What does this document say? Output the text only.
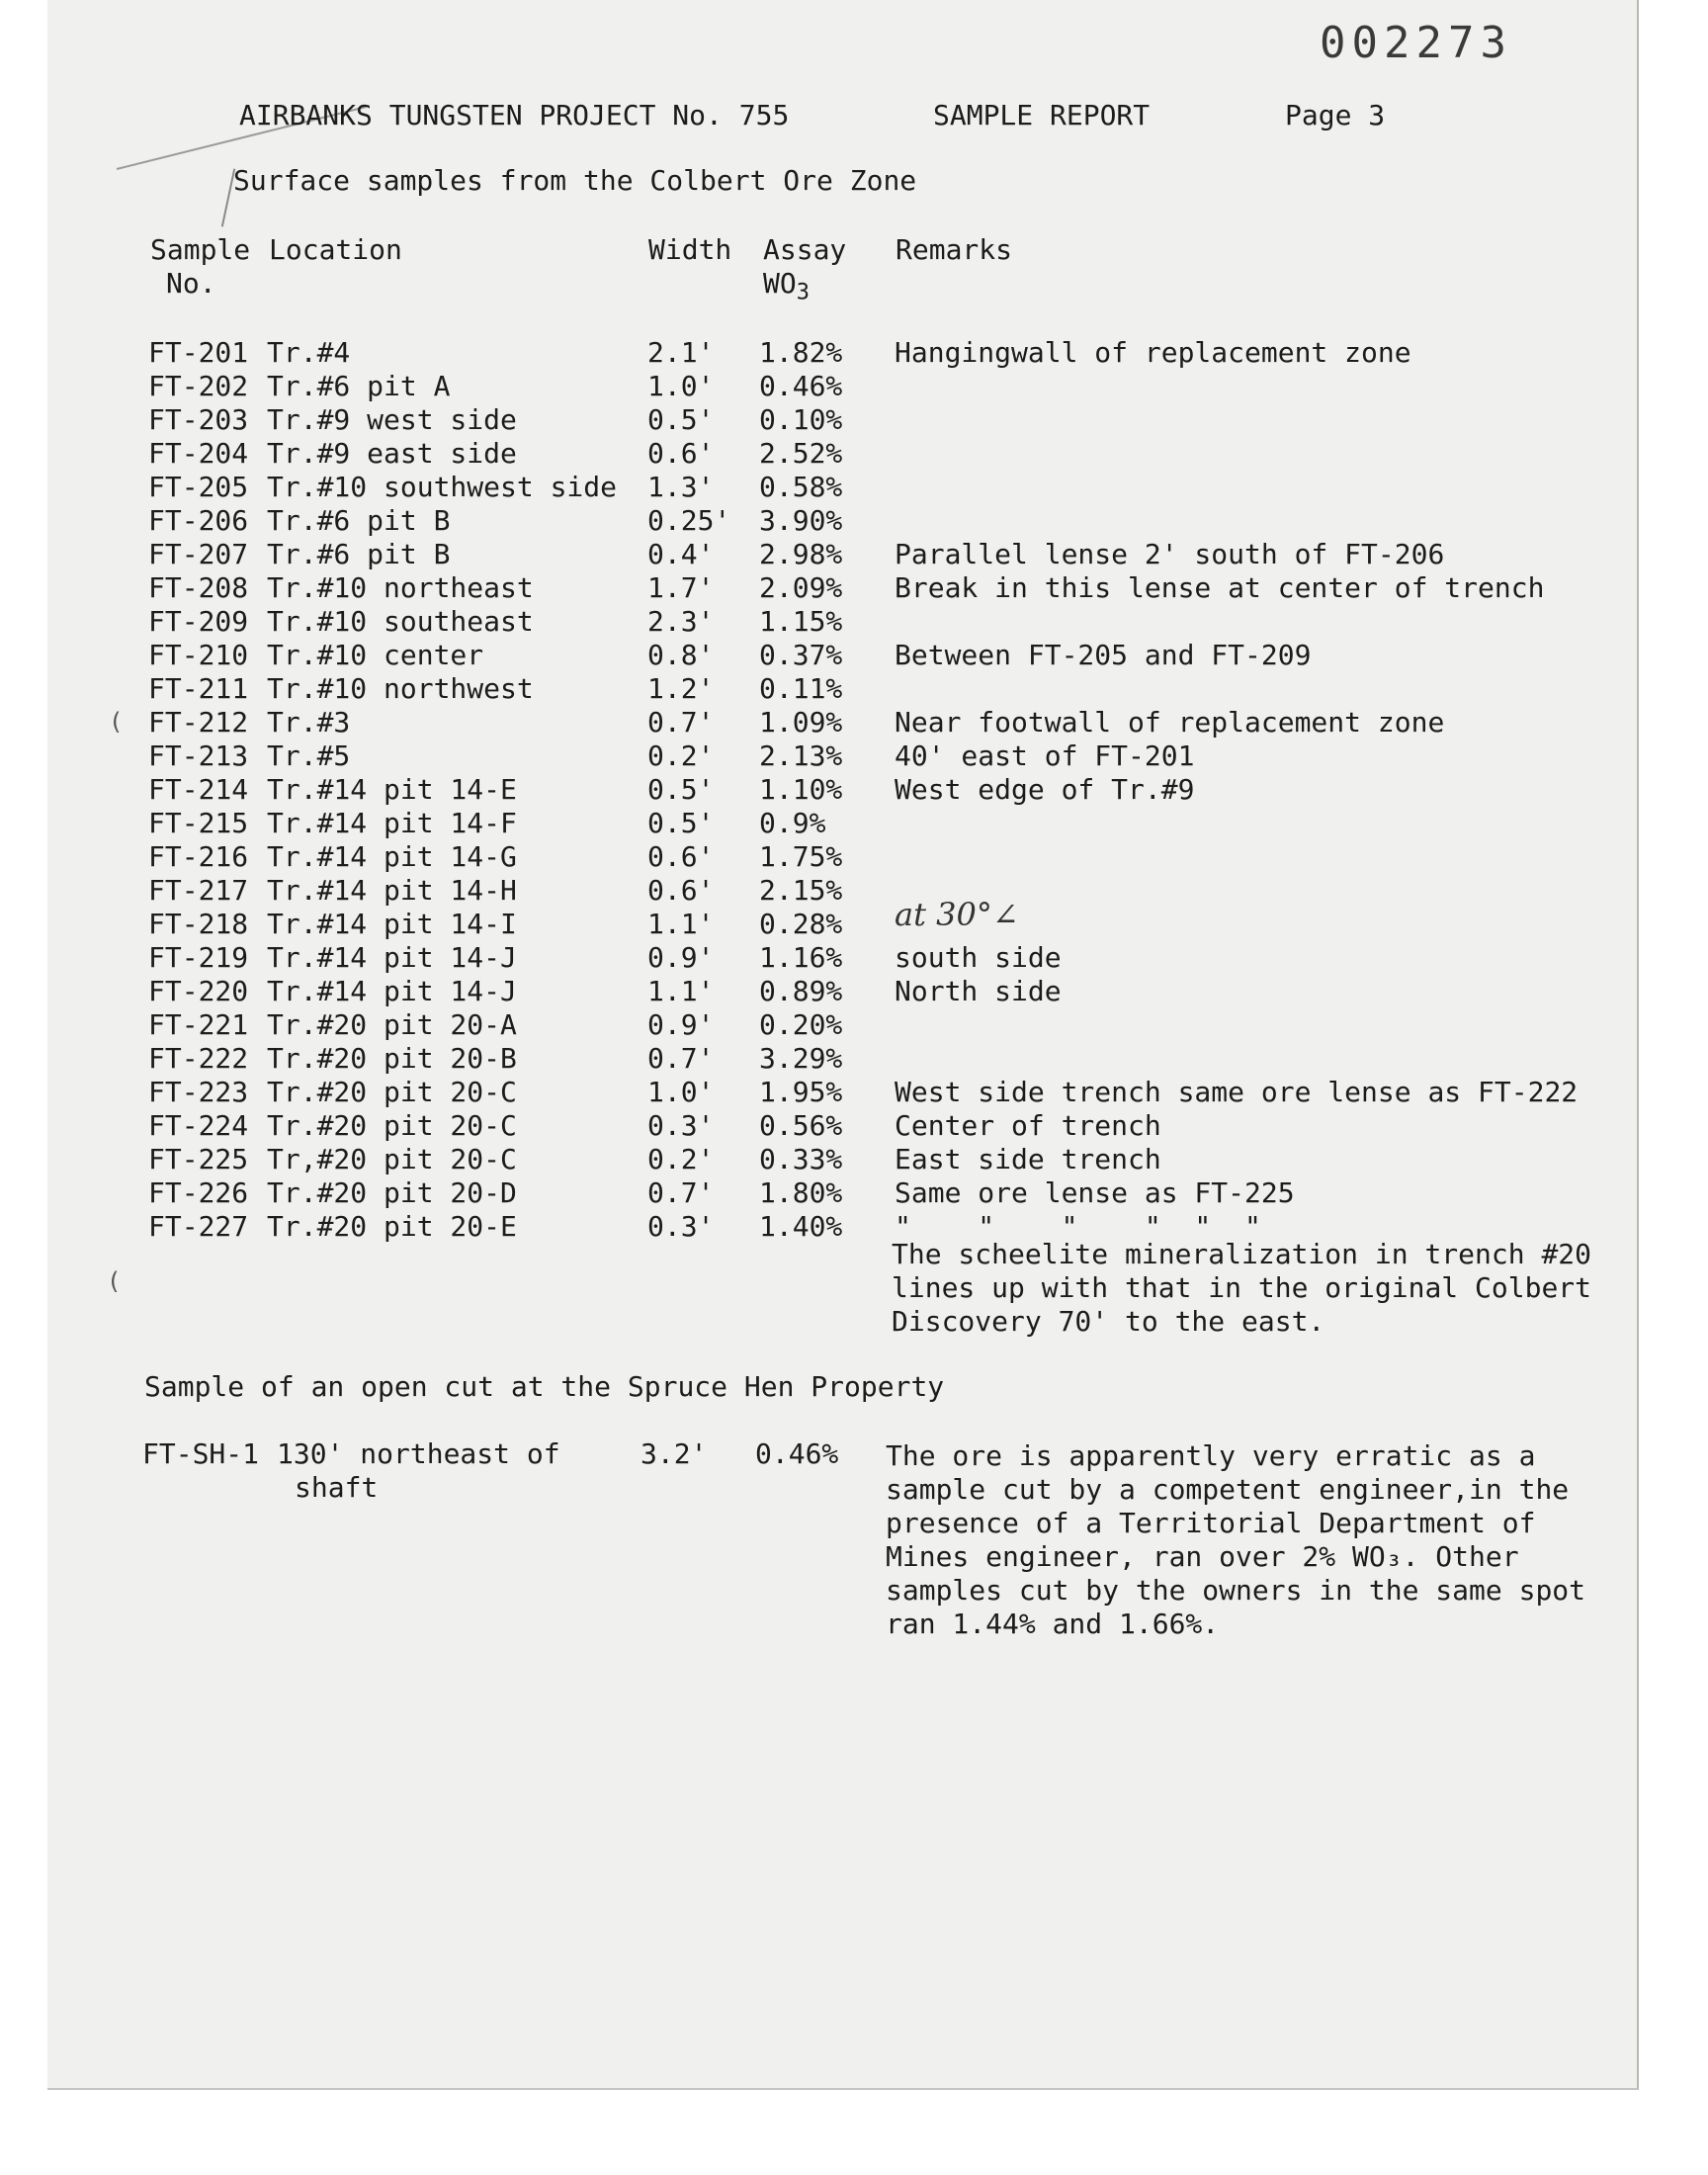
002273
AIRBANKS TUNGSTEN PROJECT No. 755	SAMPLE REPORT	Page 3
Surface samples from the Colbert Ore Zone
Sample
No.
Location	Width Assay
$WO_3$
Remarks
FT-201 Tr.#4	2.1' 1.82% Hangingwall of replacement zone
FT-202 Tr.#6 pit A	1.0' 0.46%
FT-203 Tr.#9 west side	0.5' 0.10%
FT-204 Tr.#9 east side	0.6' 2.52%
FT-205 Tr.#10 southwest side 1.3' 0.58%
FT-206 Tr.#6 pit B	0.25' 3.90%
FT-207 Tr.#6 pit B	0.4' 2.98% Parallel lense 2' south of FT-206
FT-208 Tr.#10 northeast	1.7' 2.09% Break in this lense at center of trench
FT-209 Tr.#10 southeast	2.3' 1.15%
FT-210 Tr.#10 center	0.8' 0.37% Between FT-205 and FT-209
FT-211 Tr.#10 northwest	1.2' 0.11%
FT-212 Tr.#3	0.7' 1.09% Near footwall of replacement zone
FT-213 Tr.#5	0.2' 2.13% 40' east of FT-201
FT-214 Tr.#14 pit 14-E	0.5' 1.10% West edge of Tr.#9
FT-215 Tr.#14 pit 14-F	0.5' 0.9%
FT-216 Tr.#14 pit 14-G	0.6' 1.75%
FT-217 Tr.#14 pit 14-H	0.6' 2.15%
FT-218 Tr.#14 pit 14-I	1.1' 0.28%
FT-219 Tr.#14 pit 14-J	0.9' 1.16% south side
FT-220 Tr.#14 pit 14-J	1.1' 0.89% North side
FT-221 Tr.#20 pit 20-A	0.9' 0.20%
FT-222 Tr.#20 pit 20-B	0.7' 3.29%
FT-223 Tr.#20 pit 20-C	1.0' 1.95% West side trench same ore lense as FT-222
FT-224 Tr.#20 pit 20-C	0.3' 0.56% Center of trench
FT-225 Tr,#20 pit 20-C	0.2' 0.33% East side trench
FT-226 Tr.#20 pit 20-D	0.7' 1.80% Same ore lense as FT-225
FT-227 Tr.#20 pit 20-E	0.3' 1.40% "    "    "    "  "  "
at 30°∠
The scheelite mineralization in trench #20
lines up with that in the original Colbert
Discovery 70' to the east.
Sample of an open cut at the Spruce Hen Property
FT-SH-1 130' northeast of
shaft
3.2' 0.46% The ore is apparently very erratic as a
sample cut by a competent engineer,in the
presence of a Territorial Department of
Mines engineer, ran over 2% WO₃. Other
samples cut by the owners in the same spot
ran 1.44% and 1.66%.
(
(
